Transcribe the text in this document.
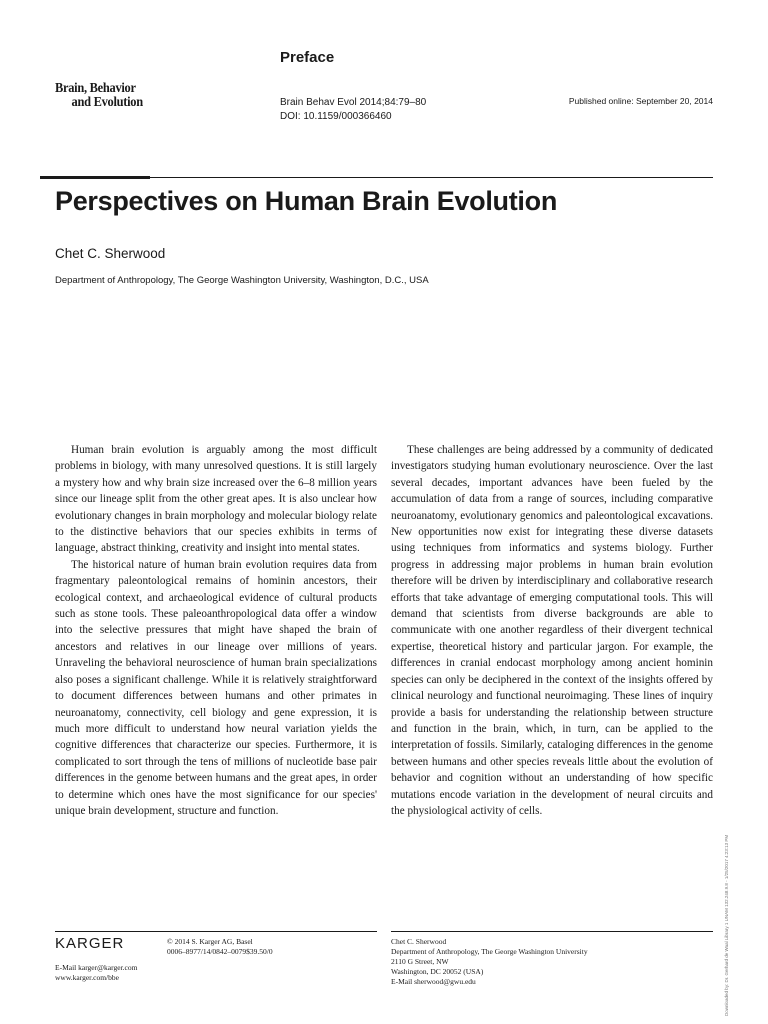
Preface
Brain, Behavior
and Evolution	Brain Behav Evol 2014;84:79–80
DOI: 10.1159/000366460
Published online: September 20, 2014
Perspectives on Human Brain Evolution
Chet C. Sherwood
Department of Anthropology, The George Washington University, Washington, D.C., USA

Human brain evolution is arguably among the most difficult problems in biology, with many unresolved questions. It is still largely a mystery how and why brain size increased over the 6–8 million years since our lineage split from the other great apes. It is also unclear how evolutionary changes in brain morphology and molecular biology relate to the distinctive behaviors that our species exhibits in terms of language, abstract thinking, creativity and insight into mental states.

The historical nature of human brain evolution requires data from fragmentary paleontological remains of hominin ancestors, their ecological context, and archaeological evidence of cultural products such as stone tools. These paleoanthropological data offer a window into the selective pressures that might have shaped the brain of ancestors and relatives in our lineage over millions of years. Unraveling the behavioral neuroscience of human brain specializations also poses a significant challenge. While it is relatively straightforward to document differences between humans and other primates in neuroanatomy, connectivity, cell biology and gene expression, it is much more difficult to understand how neural variation yields the cognitive differences that characterize our species. Furthermore, it is complicated to sort through the tens of millions of nucleotide base pair differences in the genome between humans and the great apes, in order to determine which ones have the most significance for our species' unique brain development, structure and function.

These challenges are being addressed by a community of dedicated investigators studying human evolutionary neuroscience. Over the last several decades, important advances have been fueled by the accumulation of data from a range of sources, including comparative neuroanatomy, evolutionary genomics and paleontological excavations. New opportunities now exist for integrating these diverse datasets using techniques from informatics and systems biology. Further progress in addressing major problems in human brain evolution therefore will be driven by interdisciplinary and collaborative research efforts that take advantage of emerging computational tools. This will demand that scientists from diverse backgrounds are able to communicate with one another regardless of their divergent technical expertise, theoretical history and particular jargon. For example, the differences in cranial endocast morphology among ancient hominin species can only be deciphered in the context of the insights offered by clinical neurology and functional neuroimaging. These lines of inquiry provide a basis for understanding the relationship between structure and function in the brain, which, in turn, can be applied to the interpretation of fossils. Similarly, cataloging differences in the genome between humans and other species reveals little about the evolution of behavior and cognition without an understanding of how specific mutations encode variation in the development of neural circuits and the physiological activity of cells.

KARGER	© 2014 S. Karger AG, Basel
0006–8977/14/0842–0079$39.50/0
E-Mail karger@karger.com
www.karger.com/bbe
Chet C. Sherwood
Department of Anthropology, The George Washington University
2110 G Street, NW
Washington, DC 20052 (USA)
E-Mail sherwood@gwu.edu	Downloaded by: Dr. Gerhard de Waal Library 1 UNAM 132.248.9.8 - 1/25/2017 4:23:13 PM
